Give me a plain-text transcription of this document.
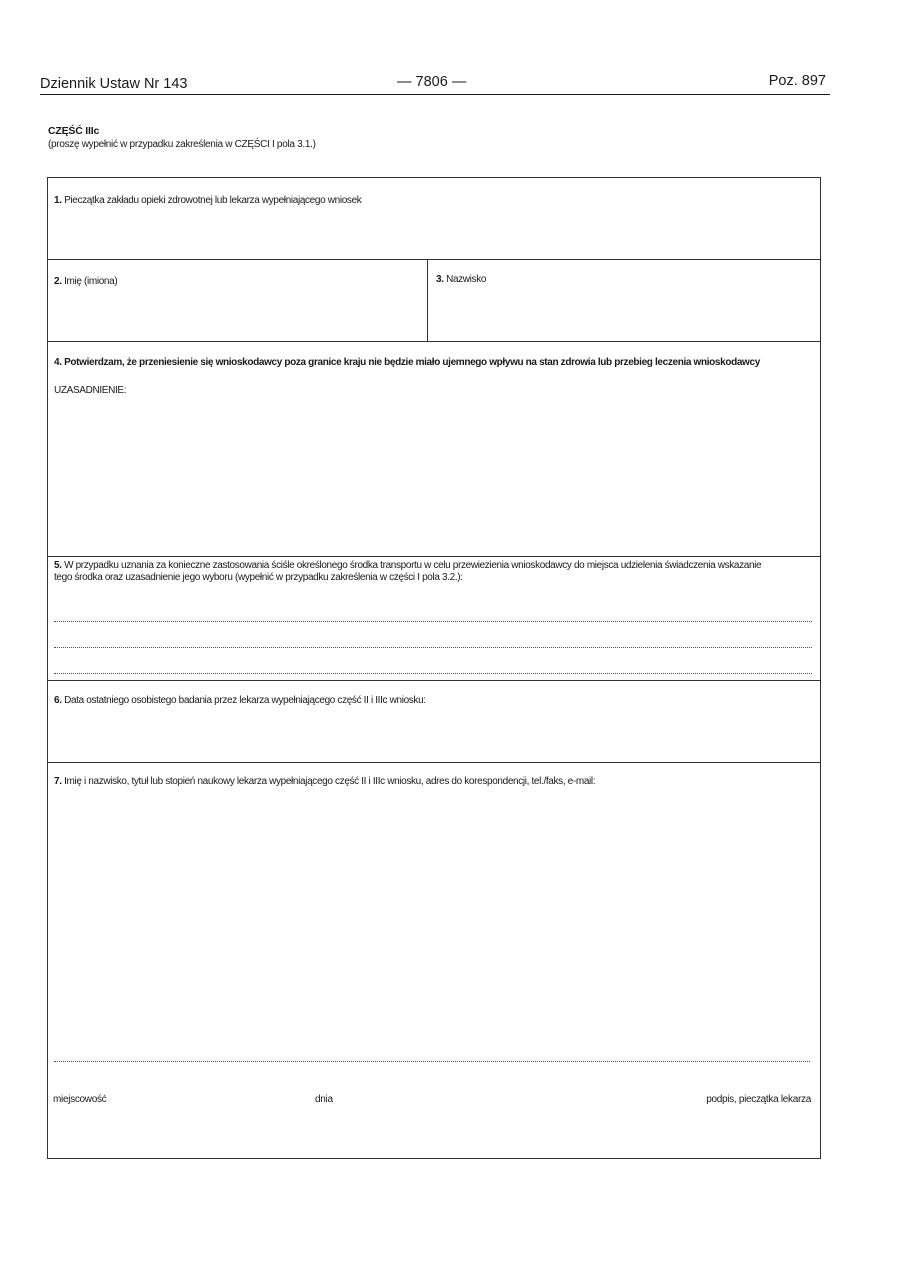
Dziennik Ustaw Nr 143	— 7806 —	Poz. 897
CZĘŚĆ IIIc
(proszę wypełnić w przypadku zakreślenia w CZĘŚCI I pola 3.1.)
1. Pieczątka zakładu opieki zdrowotnej lub lekarza wypełniającego wniosek
2. Imię (imiona)	3. Nazwisko
4. Potwierdzam, że przeniesienie się wnioskodawcy poza granice kraju nie będzie miało ujemnego wpływu na stan zdrowia lub przebieg leczenia wnioskodawcy
UZASADNIENIE:
5. W przypadku uznania za konieczne zastosowania ściśle określonego środka transportu w celu przewiezienia wnioskodawcy do miejsca udzielenia świadczenia wskazanie
tego środka oraz uzasadnienie jego wyboru (wypełnić w przypadku zakreślenia w części I pola 3.2.):
6. Data ostatniego osobistego badania przez lekarza wypełniającego część II i IIIc wniosku:
7. Imię i nazwisko, tytuł lub stopień naukowy lekarza wypełniającego część II i IIIc wniosku, adres do korespondencji, tel./faks, e-mail:
miejscowość	dnia	podpis, pieczątka lekarza
